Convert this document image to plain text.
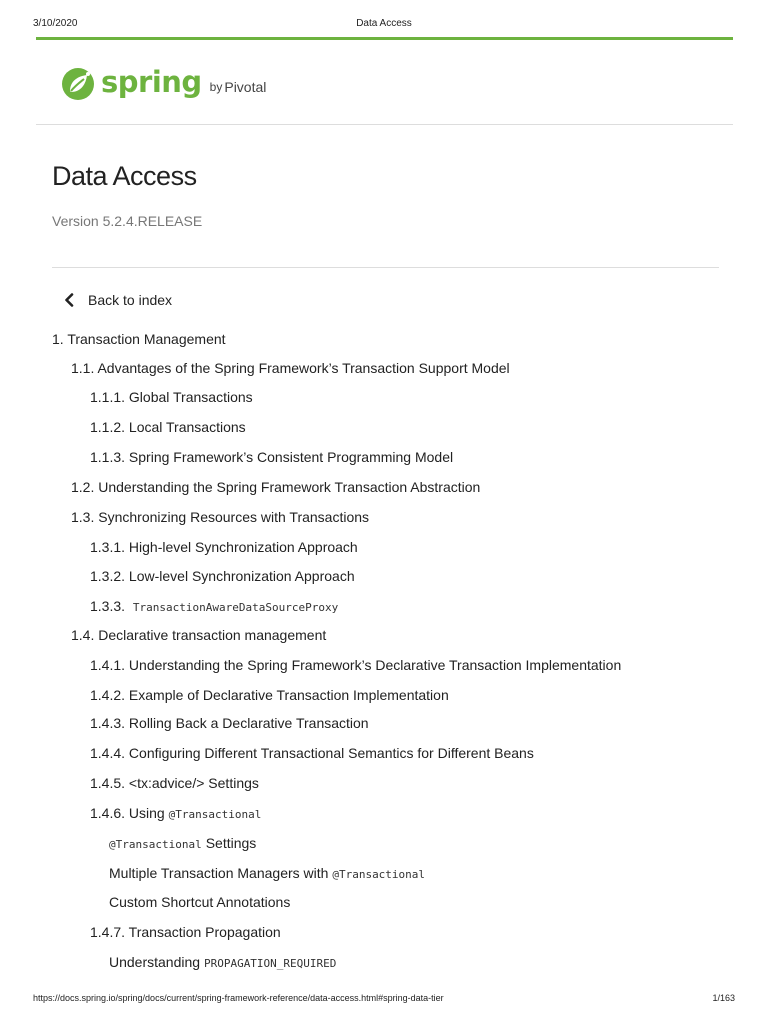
3/10/2020	Data Access
spring by Pivotal
Data Access
Version 5.2.4.RELEASE
Back to index
1. Transaction Management
1.1. Advantages of the Spring Framework’s Transaction Support Model
1.1.1. Global Transactions
1.1.2. Local Transactions
1.1.3. Spring Framework’s Consistent Programming Model
1.2. Understanding the Spring Framework Transaction Abstraction
1.3. Synchronizing Resources with Transactions
1.3.1. High-level Synchronization Approach
1.3.2. Low-level Synchronization Approach
1.3.3. TransactionAwareDataSourceProxy
1.4. Declarative transaction management
1.4.1. Understanding the Spring Framework’s Declarative Transaction Implementation
1.4.2. Example of Declarative Transaction Implementation
1.4.3. Rolling Back a Declarative Transaction
1.4.4. Configuring Different Transactional Semantics for Different Beans
1.4.5. <tx:advice/> Settings
1.4.6. Using @Transactional
@Transactional Settings
Multiple Transaction Managers with @Transactional
Custom Shortcut Annotations
1.4.7. Transaction Propagation
Understanding PROPAGATION_REQUIRED
https://docs.spring.io/spring/docs/current/spring-framework-reference/data-access.html#spring-data-tier	1/163
